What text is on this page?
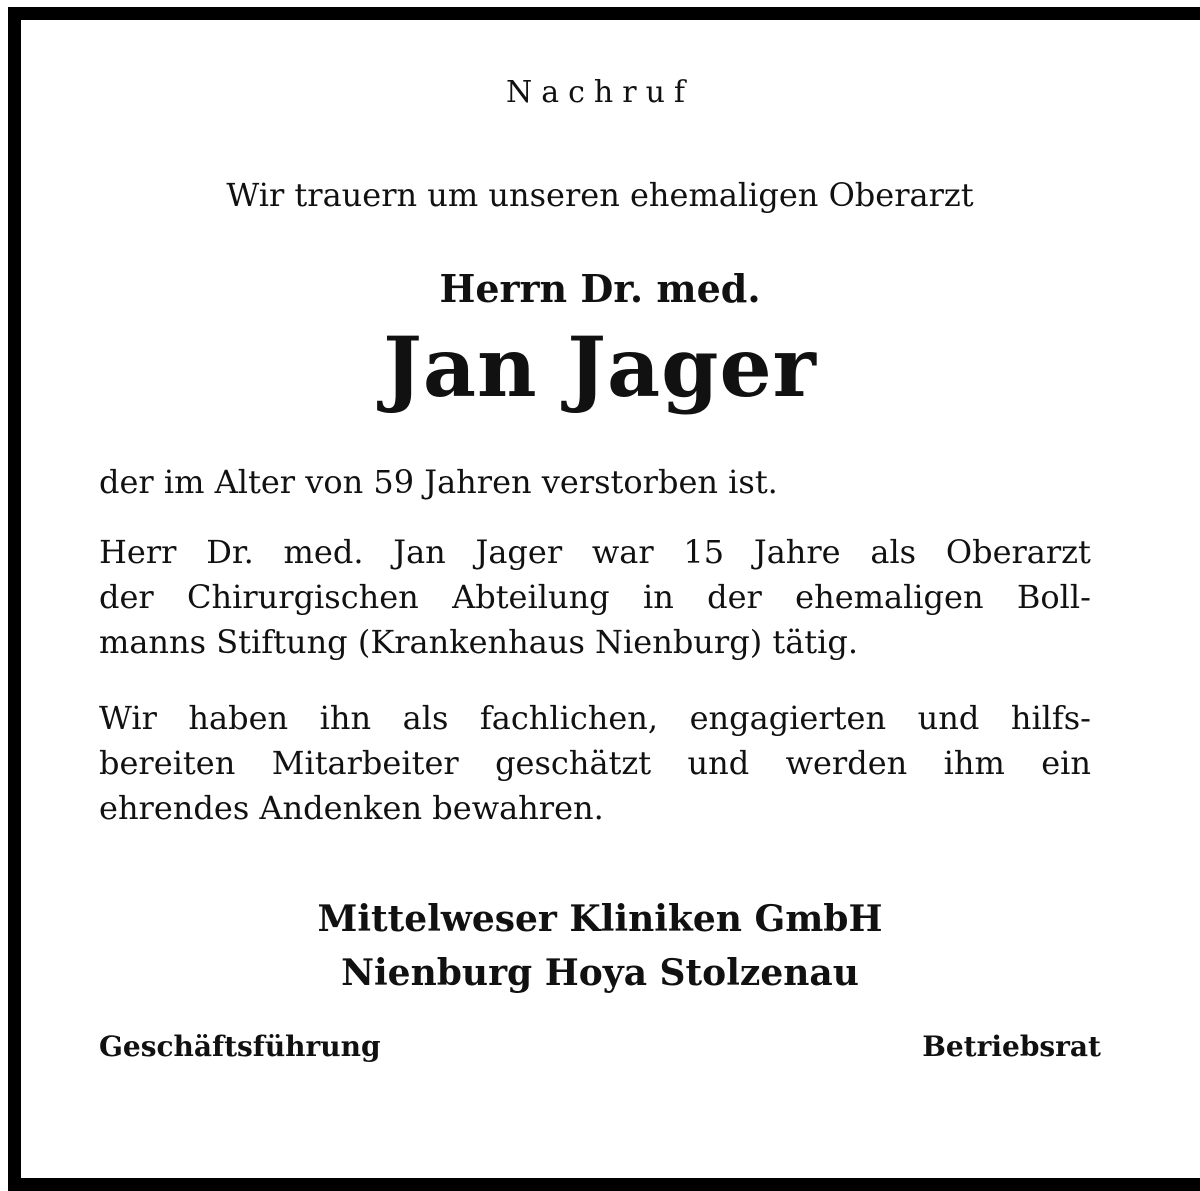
Nachruf
Wir trauern um unseren ehemaligen Oberarzt
Herrn Dr. med.
Jan Jager
der im Alter von 59 Jahren verstorben ist.
Herr Dr. med. Jan Jager war 15 Jahre als Oberarzt
der Chirurgischen Abteilung in der ehemaligen Boll-
manns Stiftung (Krankenhaus Nienburg) tätig.
Wir haben ihn als fachlichen, engagierten und hilfs-
bereiten Mitarbeiter geschätzt und werden ihm ein
ehrendes Andenken bewahren.
Mittelweser Kliniken GmbH
Nienburg Hoya Stolzenau
Geschäftsführung	Betriebsrat
